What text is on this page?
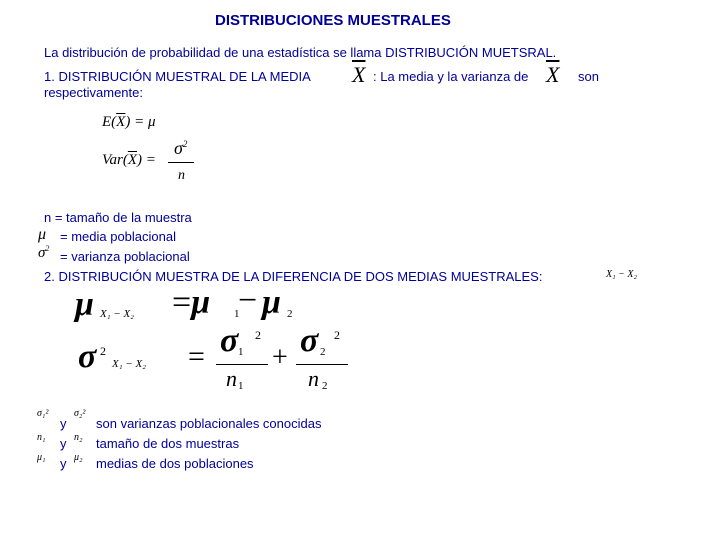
DISTRIBUCIONES MUESTRALES
La distribución de probabilidad de una estadística se llama DISTRIBUCIÓN MUETSRAL.
1. DISTRIBUCIÓN MUESTRAL DE LA MEDIA $\overline{X}$ : La media y la varianza de $\overline{X}$ son
respectivamente:
$E(\overline{X}) = \mu$
$Var(\overline{X})$ =
$\sigma^2$
n
n = tamaño de la muestra
μ = media poblacional
$\sigma^2$
= varianza poblacional
2. DISTRIBUCIÓN MUESTRA DE LA DIFERENCIA DE DOS MEDIAS MUESTRALES:	X₁ − X₂
μ X₁ − X₂ =μ − μ
1	2
σ 2
X₁ − X₂ = σ 1
2
n 1
+ σ 2
2
n 2
σ₁²
y
σ₂²
son varianzas poblacionales conocidas
n₁ y n₂ tamaño de dos muestras
μ₁ y μ₂ medias de dos poblaciones
